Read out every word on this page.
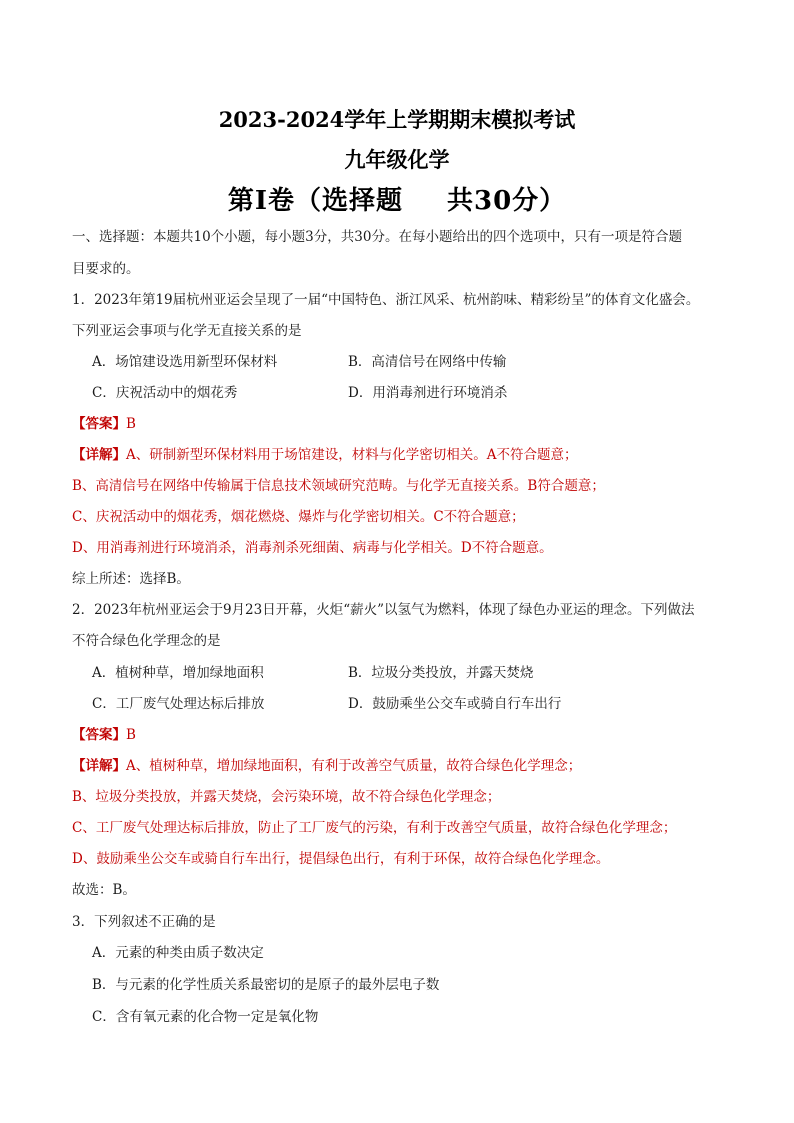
2023-2024学年上学期期末模拟考试
九年级化学
第Ⅰ卷（选择题 共30分）
一、选择题：本题共10个小题，每小题3分，共30分。在每小题给出的四个选项中，只有一项是符合题
目要求的。
1．2023年第19届杭州亚运会呈现了一届“中国特色、浙江风采、杭州韵味、精彩纷呈”的体育文化盛会。
下列亚运会事项与化学无直接关系的是
A．场馆建设选用新型环保材料	B．高清信号在网络中传输
C．庆祝活动中的烟花秀	D．用消毒剂进行环境消杀
【答案】B
【详解】A、研制新型环保材料用于场馆建设，材料与化学密切相关。A不符合题意；
B、高清信号在网络中传输属于信息技术领域研究范畴。与化学无直接关系。B符合题意；
C、庆祝活动中的烟花秀，烟花燃烧、爆炸与化学密切相关。C不符合题意；
D、用消毒剂进行环境消杀，消毒剂杀死细菌、病毒与化学相关。D不符合题意。
综上所述：选择B。
2．2023年杭州亚运会于9月23日开幕，火炬“薪火”以氢气为燃料，体现了绿色办亚运的理念。下列做法
不符合绿色化学理念的是
A．植树种草，增加绿地面积	B．垃圾分类投放，并露天焚烧
C．工厂废气处理达标后排放	D．鼓励乘坐公交车或骑自行车出行
【答案】B
【详解】A、植树种草，增加绿地面积，有利于改善空气质量，故符合绿色化学理念；
B、垃圾分类投放，并露天焚烧，会污染环境，故不符合绿色化学理念；
C、工厂废气处理达标后排放，防止了工厂废气的污染，有利于改善空气质量，故符合绿色化学理念；
D、鼓励乘坐公交车或骑自行车出行，提倡绿色出行，有利于环保，故符合绿色化学理念。
故选：B。
3．下列叙述不正确的是
A．元素的种类由质子数决定
B．与元素的化学性质关系最密切的是原子的最外层电子数
C．含有氧元素的化合物一定是氧化物
